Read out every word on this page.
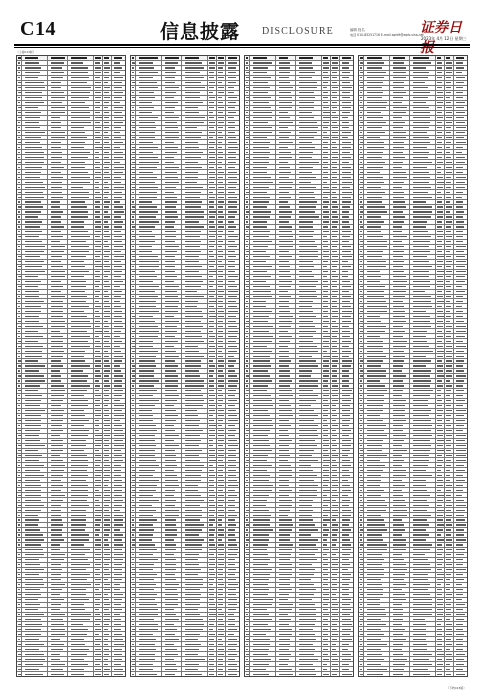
C14	信息披露 DISCLOSURE	编辑 姓名
电话 010-83251716 E-mail zqrb9@zqrb.sina.net
证券日报
2023年 4月 12日 星期三
（上接C13版）
（下转C15版）
